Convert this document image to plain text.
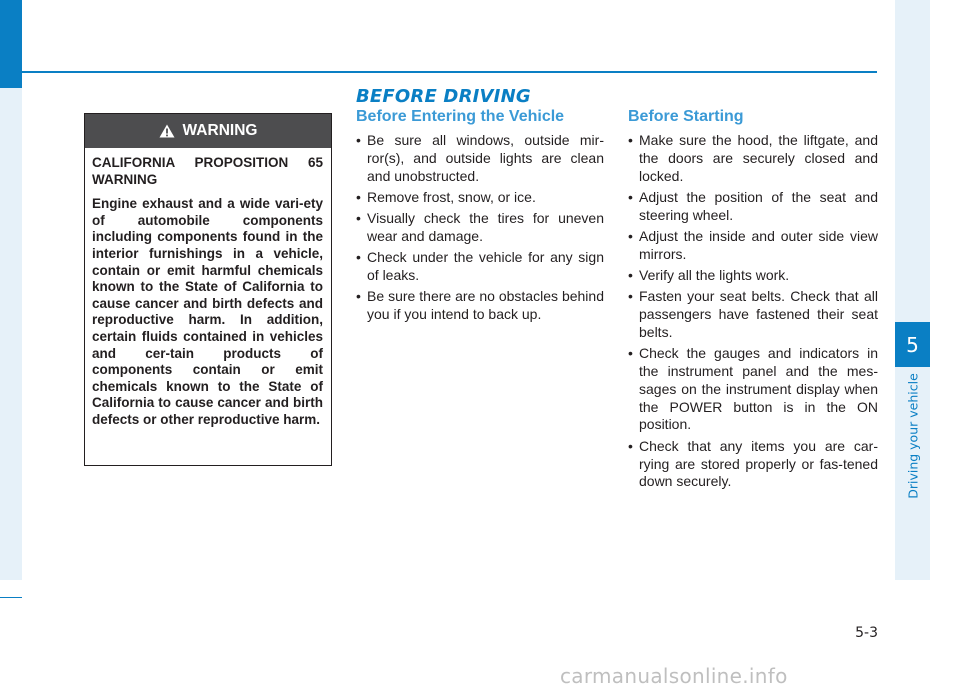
5
Driving your vehicle
BEFORE DRIVING
WARNING

CALIFORNIA PROPOSITION 65 WARNING

Engine exhaust and a wide vari-ety of automobile components including components found in the interior furnishings in a vehicle, contain or emit harmful chemicals known to the State of California to cause cancer and birth defects and reproductive harm. In addition, certain fluids contained in vehicles and cer-tain products of components contain or emit chemicals known to the State of California to cause cancer and birth defects or other reproductive harm.

Before Entering the Vehicle
• Be sure all windows, outside mir-ror(s), and outside lights are clean and unobstructed.
• Remove frost, snow, or ice.
• Visually check the tires for uneven wear and damage.
• Check under the vehicle for any sign of leaks.
• Be sure there are no obstacles behind you if you intend to back up.
Before Starting
• Make sure the hood, the liftgate, and the doors are securely closed and locked.
• Adjust the position of the seat and steering wheel.
• Adjust the inside and outer side view mirrors.
• Verify all the lights work.
• Fasten your seat belts. Check that all passengers have fastened their seat belts.
• Check the gauges and indicators in the instrument panel and the mes-sages on the instrument display when the POWER button is in the ON position.
• Check that any items you are car-rying are stored properly or fas-tened down securely.
5-3
carmanualsonline.info
